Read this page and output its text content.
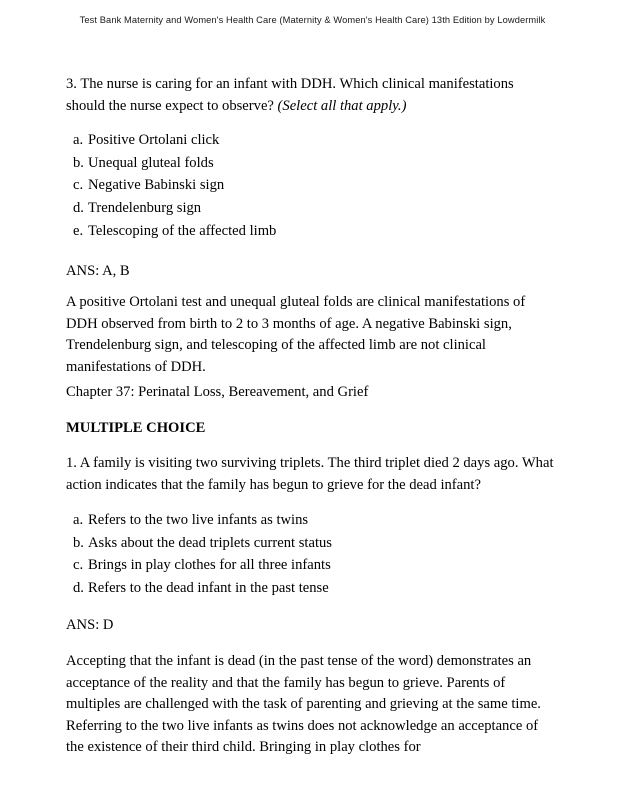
Test Bank Maternity and Women's Health Care (Maternity & Women's Health Care) 13th Edition by Lowdermilk
3. The nurse is caring for an infant with DDH. Which clinical manifestations should the nurse expect to observe? (Select all that apply.)
a. Positive Ortolani click
b. Unequal gluteal folds
c. Negative Babinski sign
d. Trendelenburg sign
e. Telescoping of the affected limb
ANS: A, B
A positive Ortolani test and unequal gluteal folds are clinical manifestations of DDH observed from birth to 2 to 3 months of age. A negative Babinski sign, Trendelenburg sign, and telescoping of the affected limb are not clinical manifestations of DDH.
Chapter 37: Perinatal Loss, Bereavement, and Grief
MULTIPLE CHOICE
1. A family is visiting two surviving triplets. The third triplet died 2 days ago. What action indicates that the family has begun to grieve for the dead infant?
a. Refers to the two live infants as twins
b. Asks about the dead triplets current status
c. Brings in play clothes for all three infants
d. Refers to the dead infant in the past tense
ANS: D
Accepting that the infant is dead (in the past tense of the word) demonstrates an acceptance of the reality and that the family has begun to grieve. Parents of multiples are challenged with the task of parenting and grieving at the same time. Referring to the two live infants as twins does not acknowledge an acceptance of the existence of their third child. Bringing in play clothes for
